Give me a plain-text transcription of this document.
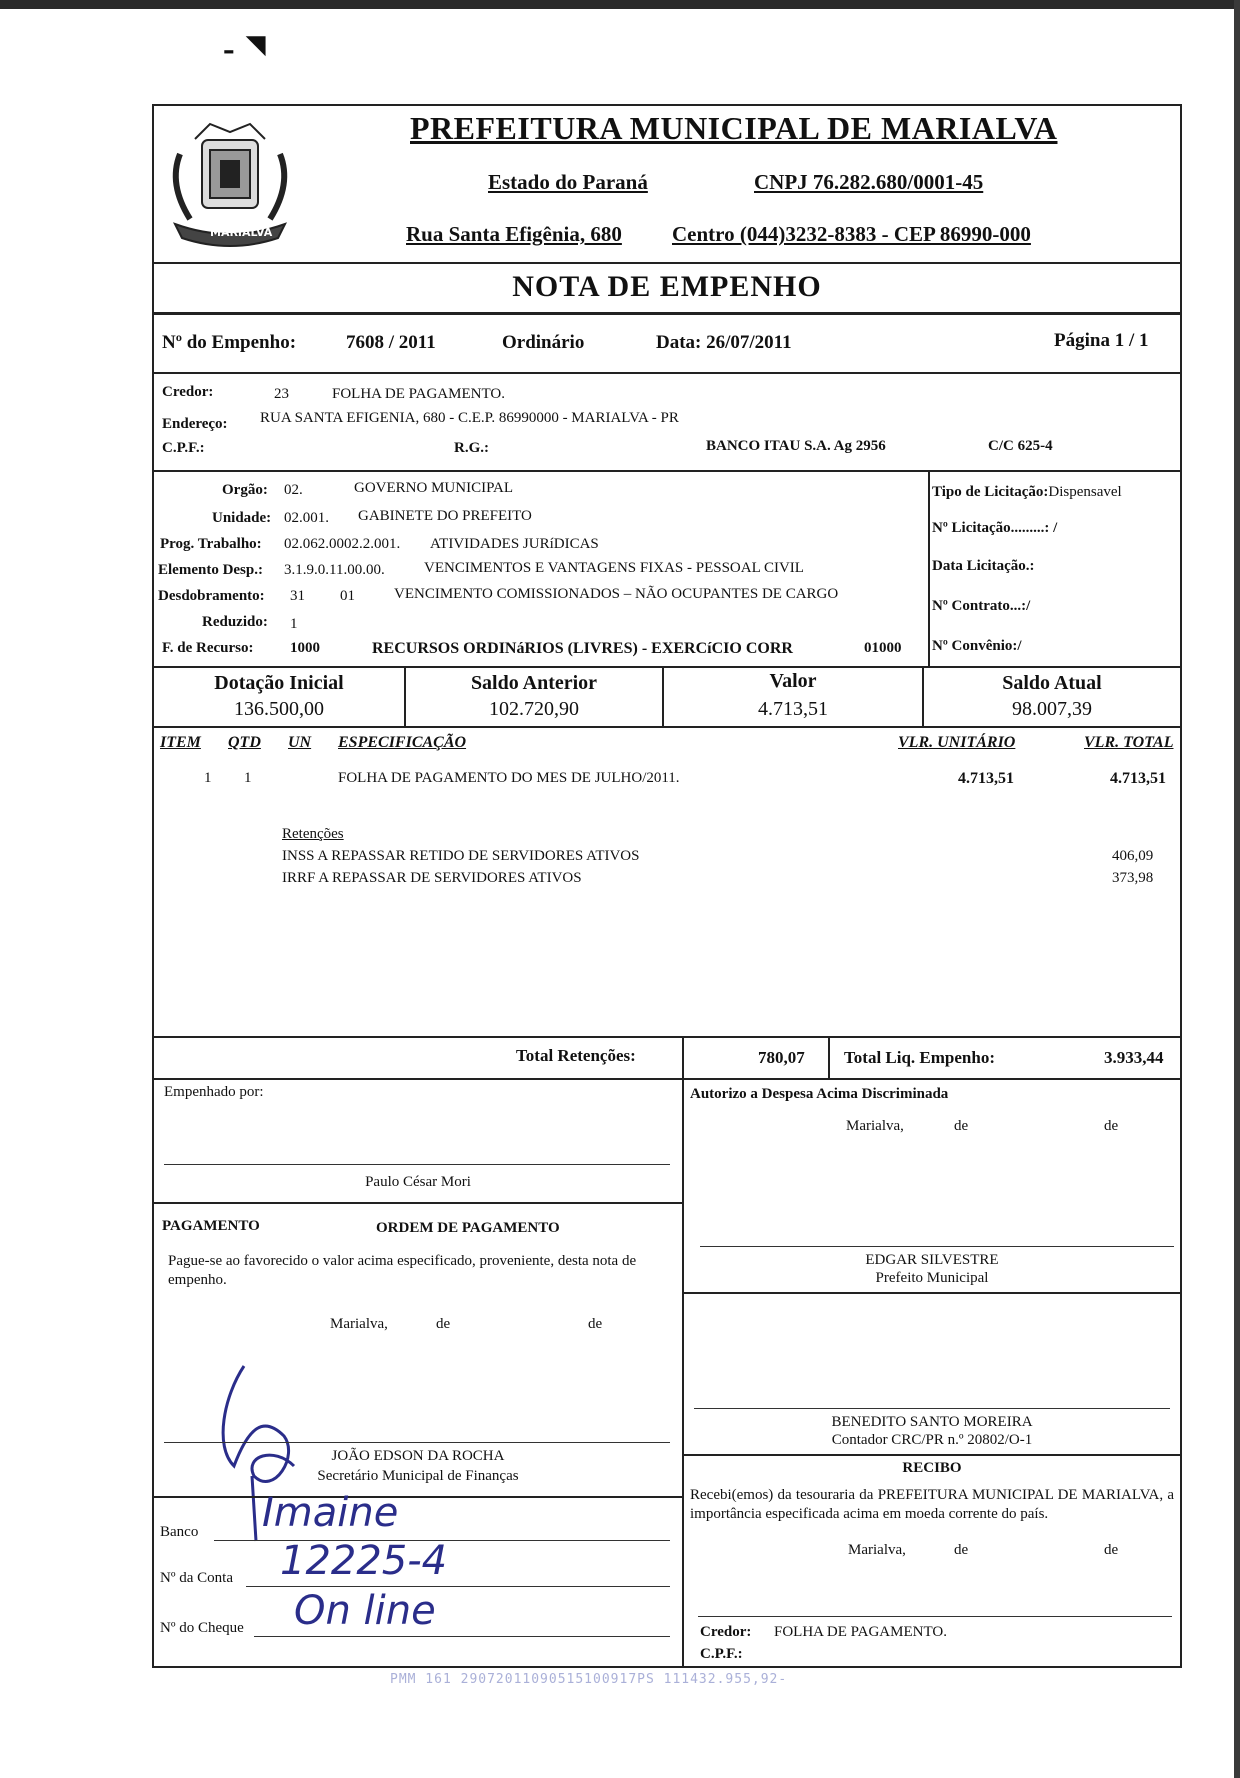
ـ  ◥
MARIALVA
PREFEITURA MUNICIPAL DE MARIALVA
Estado do Paraná	CNPJ 76.282.680/0001-45
Rua Santa Efigênia, 680 Centro (044)3232-8383 - CEP 86990-000
NOTA DE EMPENHO
Nº do Empenho:	7608 / 2011	Ordinário	Data: 26/07/2011	Página 1 / 1
Credor:	23	FOLHA DE PAGAMENTO.
Endereço: RUA SANTA EFIGENIA, 680 - C.E.P. 86990000 - MARIALVA - PR
C.P.F.:	R.G.:	BANCO ITAU S.A. Ag 2956	C/C 625-4
Orgão: 02.	GOVERNO MUNICIPAL
Unidade: 02.001. GABINETE DO PREFEITO
Prog. Trabalho: 02.062.0002.2.001. ATIVIDADES JURíDICAS
Elemento Desp.: 3.1.9.0.11.00.00.	VENCIMENTOS E VANTAGENS FIXAS - PESSOAL CIVIL
Desdobramento: 31 01	VENCIMENTO COMISSIONADOS – NÃO OCUPANTES DE CARGO
Reduzido: 1
F. de Recurso: 1000	RECURSOS ORDINáRIOS (LIVRES) - EXERCíCIO CORR	01000
Tipo de Licitação:Dispensavel
Nº Licitação.........: /
Data Licitação.:
Nº Contrato...:/
Nº Convênio:/
Dotação Inicial
136.500,00
Saldo Anterior
102.720,90
Valor
4.713,51
Saldo Atual
98.007,39
ITEM QTD UN ESPECIFICAÇÃO	VLR. UNITÁRIO	VLR. TOTAL
1 1	FOLHA DE PAGAMENTO DO MES DE JULHO/2011.	4.713,51	4.713,51
Retenções
INSS A REPASSAR RETIDO DE SERVIDORES ATIVOS	406,09
IRRF A REPASSAR DE SERVIDORES ATIVOS	373,98
Total Retenções:	780,07 Total Liq. Empenho:	3.933,44
Empenhado por:
Paulo César Mori
Autorizo a Despesa Acima Discriminada
Marialva,	de	de
EDGAR SILVESTRE
Prefeito Municipal
PAGAMENTO	ORDEM DE PAGAMENTO
Pague-se ao favorecido o valor acima especificado, proveniente, desta nota de empenho.
Marialva,	de	de
JOÃO EDSON DA ROCHA
Secretário Municipal de Finanças
Banco Imaine
Nº da Conta 12225-4
Nº do Cheque On line
BENEDITO SANTO MOREIRA
Contador CRC/PR n.º 20802/O-1
RECIBO
Recebi(emos) da tesouraria da PREFEITURA MUNICIPAL DE MARIALVA, a importância especificada acima em moeda corrente do país.
Marialva,	de	de
Credor: FOLHA DE PAGAMENTO.
C.P.F.:
PMM 161 29072011090515100917PS 111432.955,92-
